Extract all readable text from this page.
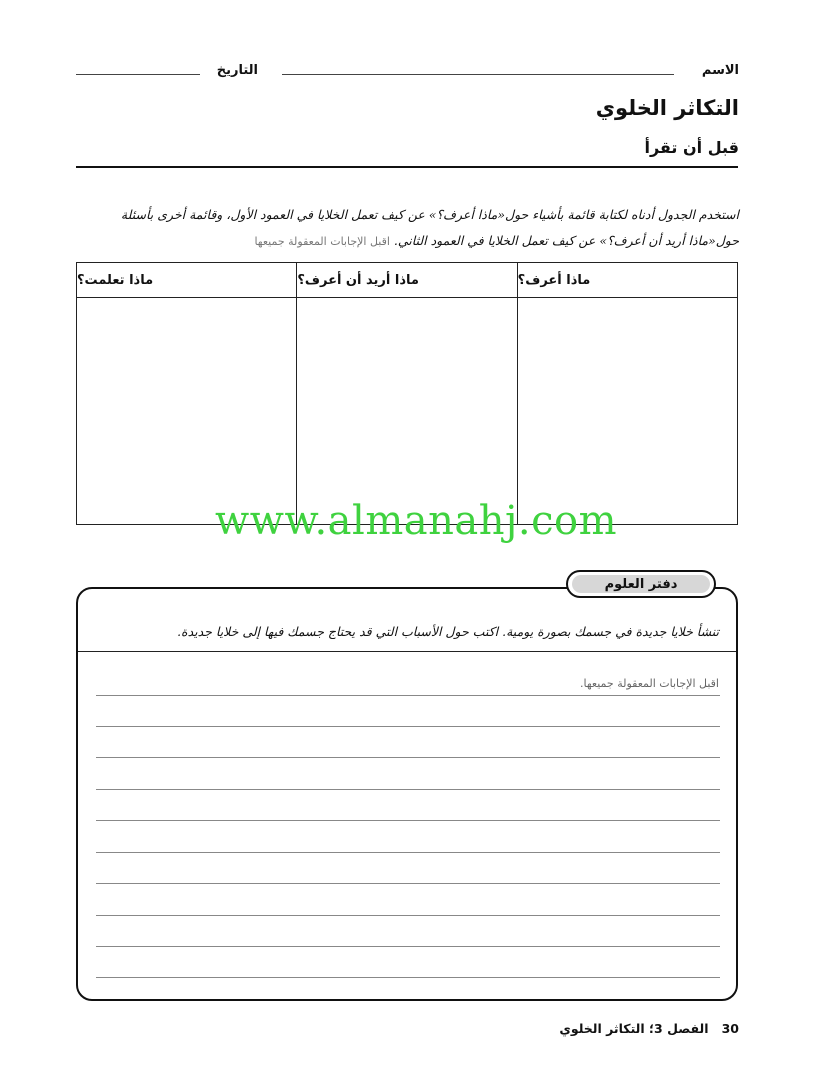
الاسم
التاريخ
التكاثر الخلوي
قبل أن تقرأ
استخدم الجدول أدناه لكتابة قائمة بأشياء حول«ماذا أعرف؟» عن كيف تعمل الخلايا في العمود الأول، وقائمة أخرى بأسئلة
حول«ماذا أريد أن أعرف؟» عن كيف تعمل الخلايا في العمود الثاني. اقبل الإجابات المعقولة جميعها
ماذا أعرف؟
ماذا أريد أن أعرف؟
ماذا تعلمت؟
www.almanahj.com
دفتر العلوم
تنشأ خلايا جديدة في جسمك بصورة يومية. اكتب حول الأسباب التي قد يحتاج جسمك فيها إلى خلايا جديدة.
اقبل الإجابات المعقولة جميعها.
30   الفصل 3؛ التكاثر الخلوي
